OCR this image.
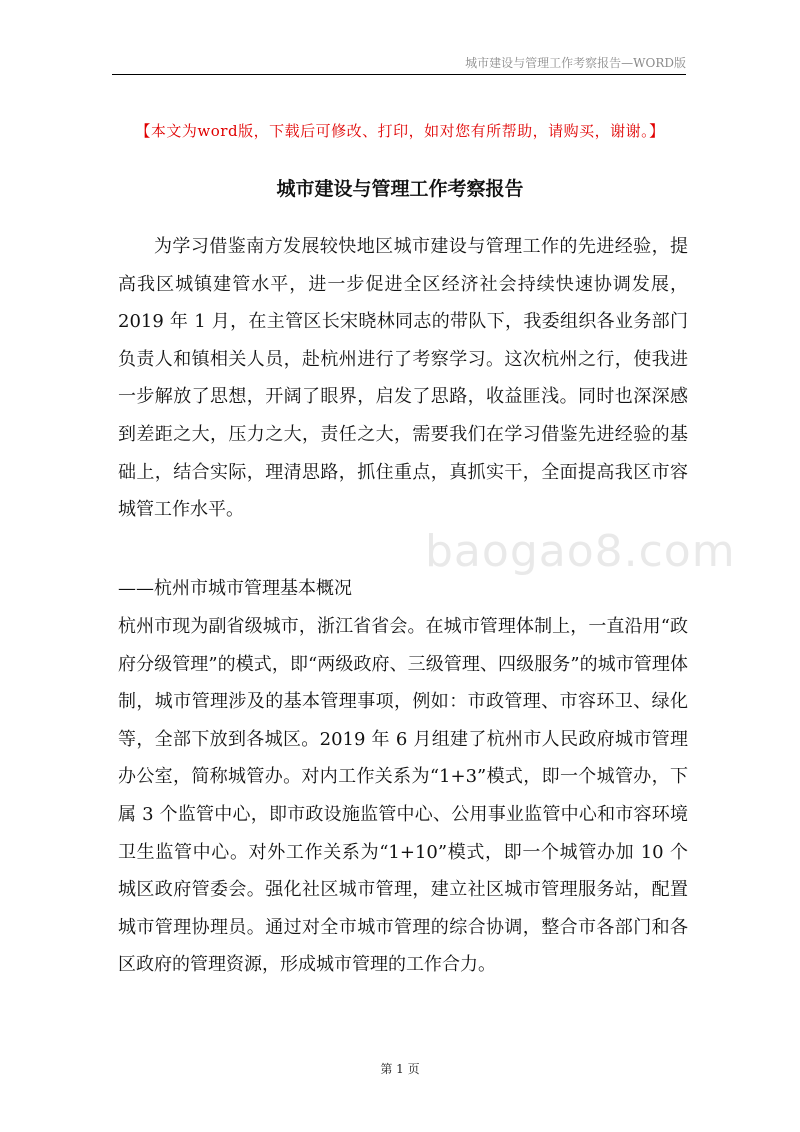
城市建设与管理工作考察报告—WORD版
【本文为word版，下载后可修改、打印，如对您有所帮助，请购买，谢谢。】
城市建设与管理工作考察报告
baogao8.com
为学习借鉴南方发展较快地区城市建设与管理工作的先进经验，提高我区城镇建管水平，进一步促进全区经济社会持续快速协调发展，2019 年 1 月，在主管区长宋晓林同志的带队下，我委组织各业务部门负责人和镇相关人员，赴杭州进行了考察学习。这次杭州之行，使我进一步解放了思想，开阔了眼界，启发了思路，收益匪浅。同时也深深感到差距之大，压力之大，责任之大，需要我们在学习借鉴先进经验的基础上，结合实际，理清思路，抓住重点，真抓实干，全面提高我区市容城管工作水平。
——杭州市城市管理基本概况
杭州市现为副省级城市，浙江省省会。在城市管理体制上，一直沿用“政府分级管理”的模式，即“两级政府、三级管理、四级服务”的城市管理体制，城市管理涉及的基本管理事项，例如：市政管理、市容环卫、绿化等，全部下放到各城区。2019 年 6 月组建了杭州市人民政府城市管理办公室，简称城管办。对内工作关系为“1+3”模式，即一个城管办，下属 3 个监管中心，即市政设施监管中心、公用事业监管中心和市容环境卫生监管中心。对外工作关系为“1+10”模式，即一个城管办加 10 个城区政府管委会。强化社区城市管理，建立社区城市管理服务站，配置城市管理协理员。通过对全市城市管理的综合协调，整合市各部门和各区政府的管理资源，形成城市管理的工作合力。
第 1 页
